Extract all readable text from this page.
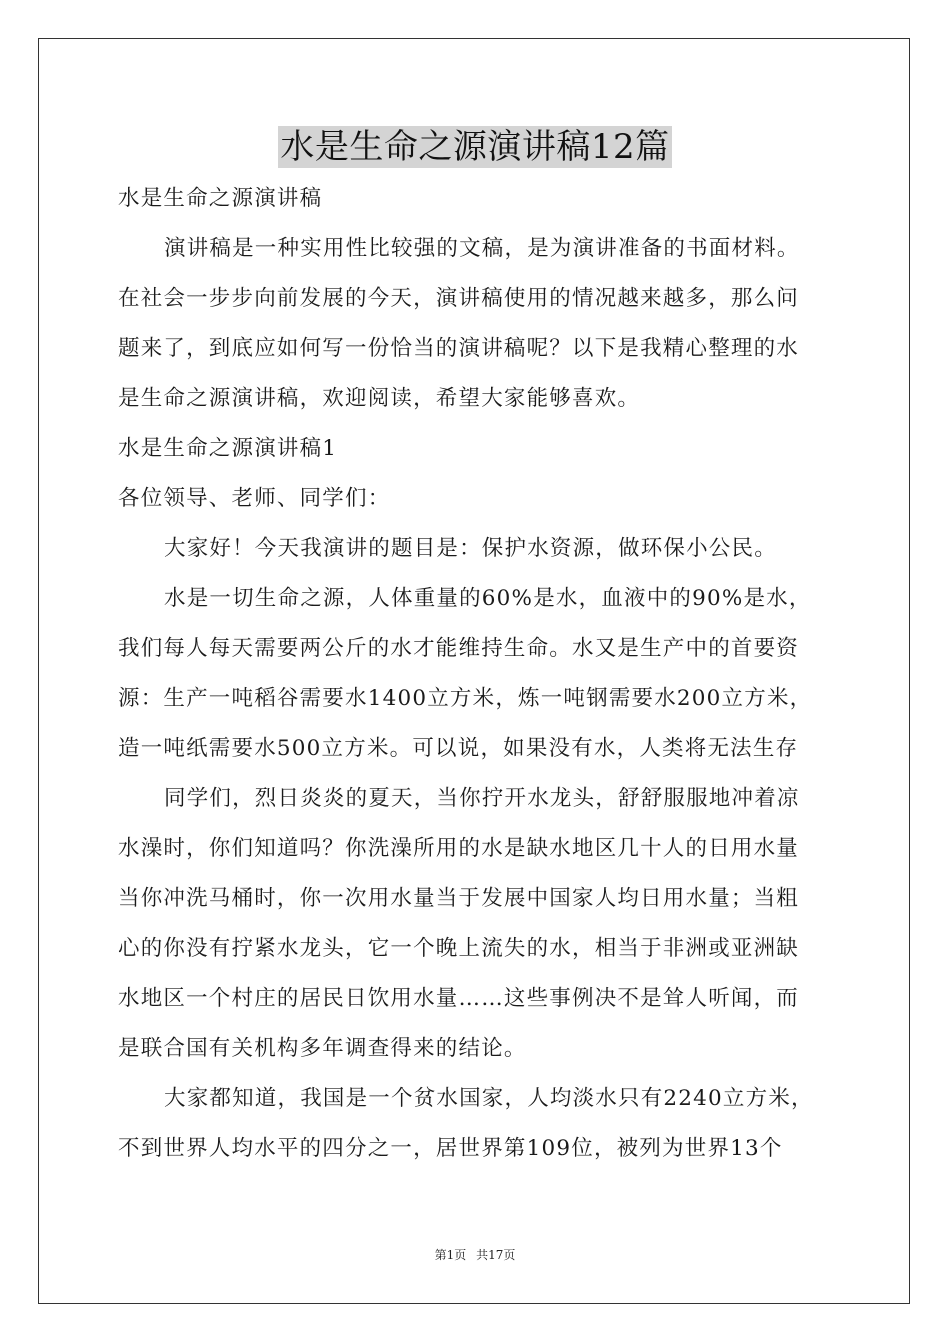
水是生命之源演讲稿12篇
水是生命之源演讲稿
演讲稿是一种实用性比较强的文稿，是为演讲准备的书面材料。
在社会一步步向前发展的今天，演讲稿使用的情况越来越多，那么问
题来了，到底应如何写一份恰当的演讲稿呢？以下是我精心整理的水
是生命之源演讲稿，欢迎阅读，希望大家能够喜欢。
水是生命之源演讲稿1
各位领导、老师、同学们：
大家好！今天我演讲的题目是：保护水资源，做环保小公民。
水是一切生命之源，人体重量的60%是水，血液中的90%是水，
我们每人每天需要两公斤的水才能维持生命。水又是生产中的首要资
源：生产一吨稻谷需要水1400立方米，炼一吨钢需要水200立方米，
造一吨纸需要水500立方米。可以说，如果没有水，人类将无法生存
同学们，烈日炎炎的夏天，当你拧开水龙头，舒舒服服地冲着凉
水澡时，你们知道吗？你洗澡所用的水是缺水地区几十人的日用水量
当你冲洗马桶时，你一次用水量当于发展中国家人均日用水量；当粗
心的你没有拧紧水龙头，它一个晚上流失的水，相当于非洲或亚洲缺
水地区一个村庄的居民日饮用水量……这些事例决不是耸人听闻，而
是联合国有关机构多年调查得来的结论。
大家都知道，我国是一个贫水国家，人均淡水只有2240立方米，
不到世界人均水平的四分之一，居世界第109位，被列为世界13个
第1页 共17页
